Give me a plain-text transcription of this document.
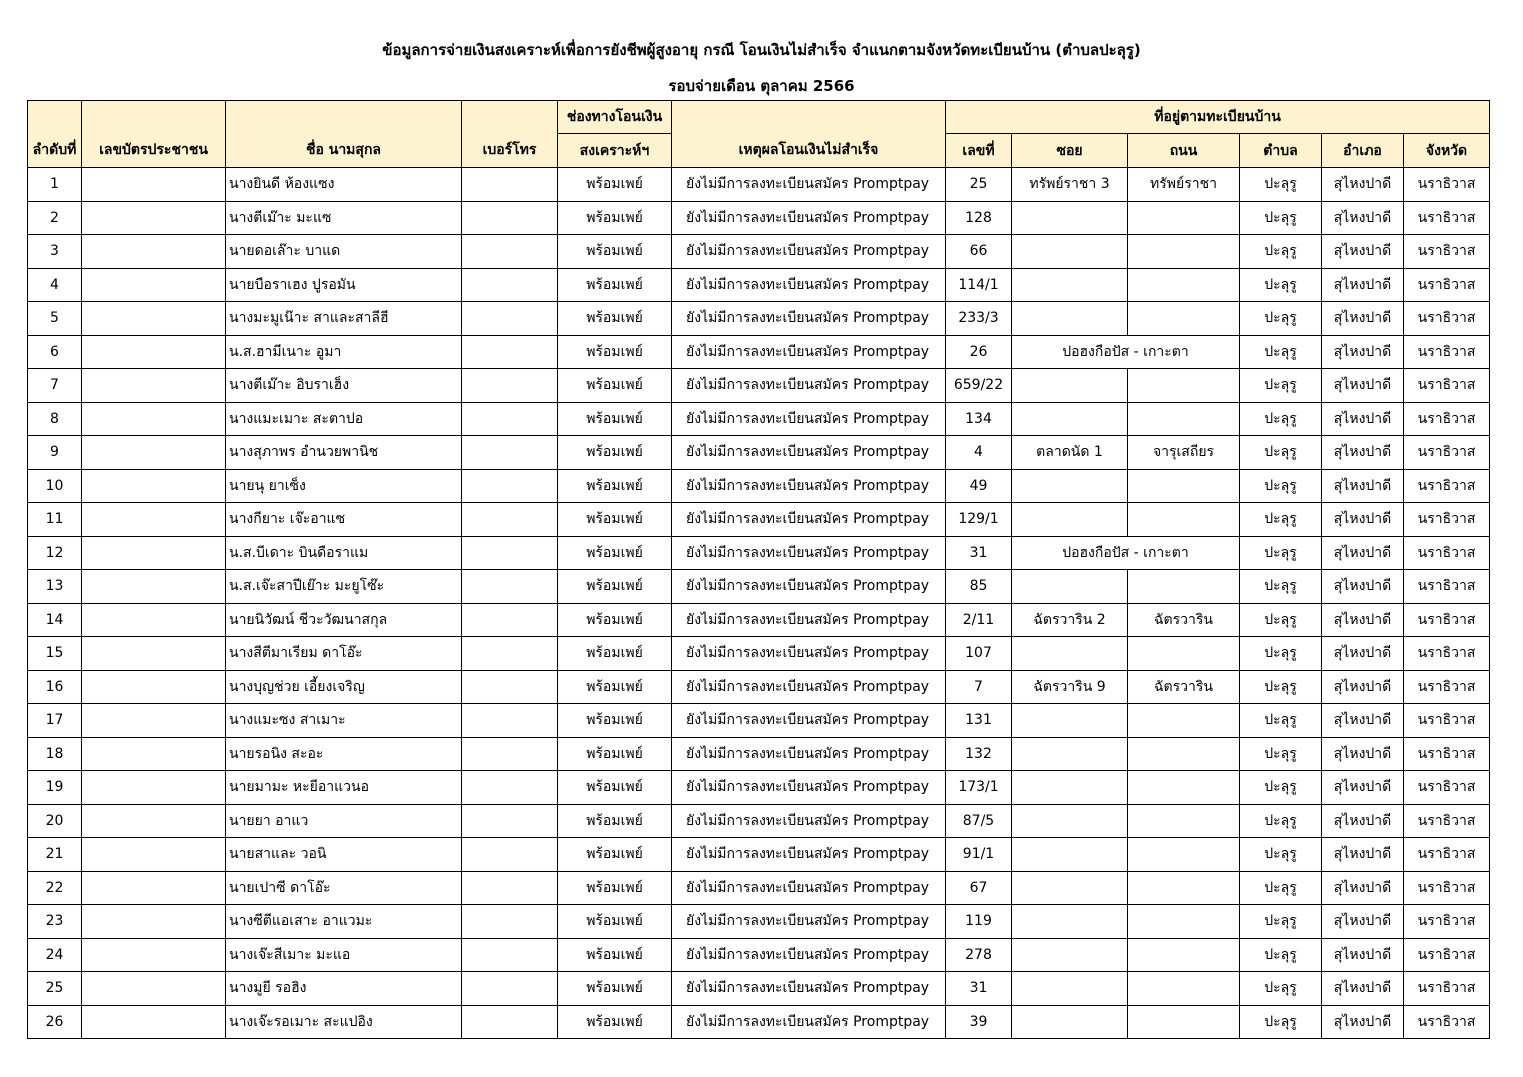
ข้อมูลการจ่ายเงินสงเคราะห์เพื่อการยังชีพผู้สูงอายุ กรณี โอนเงินไม่สำเร็จ จำแนกตามจังหวัดทะเบียนบ้าน (ตำบลปะลุรู)
รอบจ่ายเดือน ตุลาคม 2566
				ช่องทางโอนเงิน		ที่อยู่ตามทะเบียนบ้าน					
ลำดับที่	เลขบัตรประชาชน	ชื่อ นามสุกล	เบอร์โทร	สงเคราะห์ฯ	เหตุผลโอนเงินไม่สำเร็จ	เลขที่	ซอย	ถนน	ตำบล	อำเภอ	จังหวัด
1		นางยินดี ห้องแซง		พร้อมเพย์	ยังไม่มีการลงทะเบียนสมัคร Promptpay	25	ทรัพย์ราชา 3	ทรัพย์ราชา	ปะลุรู	สุไหงปาดี	นราธิวาส
2		นางตีเม๊าะ มะแซ		พร้อมเพย์	ยังไม่มีการลงทะเบียนสมัคร Promptpay	128			ปะลุรู	สุไหงปาดี	นราธิวาส
3		นายดอเล๊าะ บาแด		พร้อมเพย์	ยังไม่มีการลงทะเบียนสมัคร Promptpay	66			ปะลุรู	สุไหงปาดี	นราธิวาส
4		นายบือราเฮง ปูรอมัน		พร้อมเพย์	ยังไม่มีการลงทะเบียนสมัคร Promptpay	114/1			ปะลุรู	สุไหงปาดี	นราธิวาส
5		นางมะมูเน๊าะ สาและสาลีฮี		พร้อมเพย์	ยังไม่มีการลงทะเบียนสมัคร Promptpay	233/3			ปะลุรู	สุไหงปาดี	นราธิวาส
6		น.ส.ฮามีเนาะ อูมา		พร้อมเพย์	ยังไม่มีการลงทะเบียนสมัคร Promptpay	26	ปอฮงกือปัส - เกาะตา		ปะลุรู	สุไหงปาดี	นราธิวาส
7		นางตีเม๊าะ อิบราเฮ็ง		พร้อมเพย์	ยังไม่มีการลงทะเบียนสมัคร Promptpay	659/22			ปะลุรู	สุไหงปาดี	นราธิวาส
8		นางแมะเมาะ สะตาปอ		พร้อมเพย์	ยังไม่มีการลงทะเบียนสมัคร Promptpay	134			ปะลุรู	สุไหงปาดี	นราธิวาส
9		นางสุภาพร อำนวยพานิช		พร้อมเพย์	ยังไม่มีการลงทะเบียนสมัคร Promptpay	4	ตลาดนัด 1	จารุเสถียร	ปะลุรู	สุไหงปาดี	นราธิวาส
10		นายนุ ยาเซ็ง		พร้อมเพย์	ยังไม่มีการลงทะเบียนสมัคร Promptpay	49			ปะลุรู	สุไหงปาดี	นราธิวาส
11		นางกียาะ เจ๊ะอาแซ		พร้อมเพย์	ยังไม่มีการลงทะเบียนสมัคร Promptpay	129/1			ปะลุรู	สุไหงปาดี	นราธิวาส
12		น.ส.บีเดาะ บินดือราแม		พร้อมเพย์	ยังไม่มีการลงทะเบียนสมัคร Promptpay	31	ปอฮงกือปัส - เกาะตา		ปะลุรู	สุไหงปาดี	นราธิวาส
13		น.ส.เจ๊ะสาปีเย๊าะ มะยูโซ๊ะ		พร้อมเพย์	ยังไม่มีการลงทะเบียนสมัคร Promptpay	85			ปะลุรู	สุไหงปาดี	นราธิวาส
14		นายนิวัฒน์ ชีวะวัฒนาสกุล		พร้อมเพย์	ยังไม่มีการลงทะเบียนสมัคร Promptpay	2/11	ฉัตรวาริน 2	ฉัตรวาริน	ปะลุรู	สุไหงปาดี	นราธิวาส
15		นางสีตีมาเรียม ดาโอ๊ะ		พร้อมเพย์	ยังไม่มีการลงทะเบียนสมัคร Promptpay	107			ปะลุรู	สุไหงปาดี	นราธิวาส
16		นางบุญช่วย เอี้ยงเจริญ		พร้อมเพย์	ยังไม่มีการลงทะเบียนสมัคร Promptpay	7	ฉัตรวาริน 9	ฉัตรวาริน	ปะลุรู	สุไหงปาดี	นราธิวาส
17		นางแมะซง สาเมาะ		พร้อมเพย์	ยังไม่มีการลงทะเบียนสมัคร Promptpay	131			ปะลุรู	สุไหงปาดี	นราธิวาส
18		นายรอนิง สะอะ		พร้อมเพย์	ยังไม่มีการลงทะเบียนสมัคร Promptpay	132			ปะลุรู	สุไหงปาดี	นราธิวาส
19		นายมามะ หะยีอาแวนอ		พร้อมเพย์	ยังไม่มีการลงทะเบียนสมัคร Promptpay	173/1			ปะลุรู	สุไหงปาดี	นราธิวาส
20		นายยา อาแว		พร้อมเพย์	ยังไม่มีการลงทะเบียนสมัคร Promptpay	87/5			ปะลุรู	สุไหงปาดี	นราธิวาส
21		นายสาและ วอนิ		พร้อมเพย์	ยังไม่มีการลงทะเบียนสมัคร Promptpay	91/1			ปะลุรู	สุไหงปาดี	นราธิวาส
22		นายเปาซี ดาโอ๊ะ		พร้อมเพย์	ยังไม่มีการลงทะเบียนสมัคร Promptpay	67			ปะลุรู	สุไหงปาดี	นราธิวาส
23		นางซีตีแอเสาะ อาแวมะ		พร้อมเพย์	ยังไม่มีการลงทะเบียนสมัคร Promptpay	119			ปะลุรู	สุไหงปาดี	นราธิวาส
24		นางเจ๊ะสีเมาะ มะแอ		พร้อมเพย์	ยังไม่มีการลงทะเบียนสมัคร Promptpay	278			ปะลุรู	สุไหงปาดี	นราธิวาส
25		นางมูยี รอฮิง		พร้อมเพย์	ยังไม่มีการลงทะเบียนสมัคร Promptpay	31			ปะลุรู	สุไหงปาดี	นราธิวาส
26		นางเจ๊ะรอเมาะ สะแปอิง		พร้อมเพย์	ยังไม่มีการลงทะเบียนสมัคร Promptpay	39			ปะลุรู	สุไหงปาดี	นราธิวาส
